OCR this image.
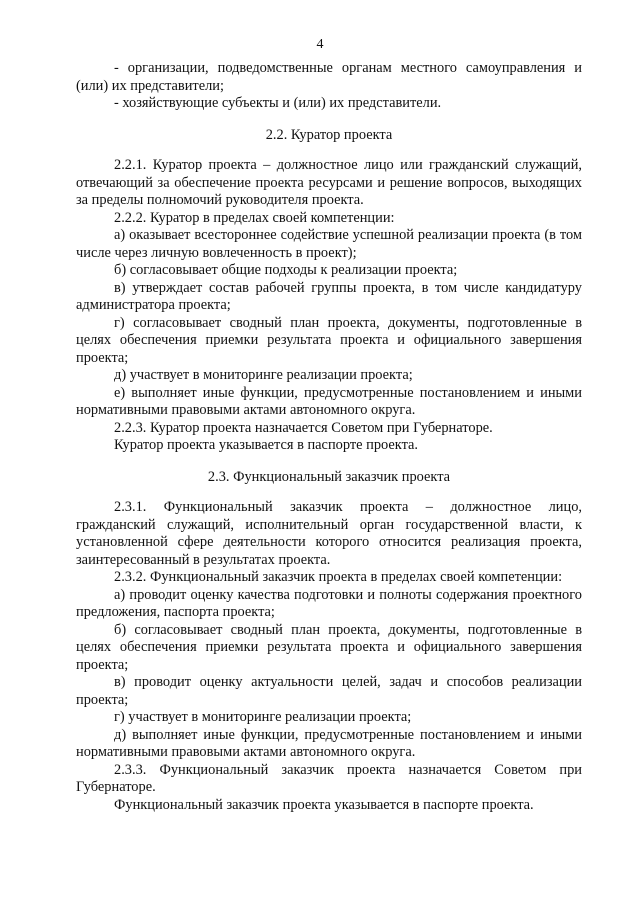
4

- организации, подведомственные органам местного самоуправления и (или) их представители;

- хозяйствующие субъекты и (или) их представители.

2.2. Куратор проекта

2.2.1. Куратор проекта – должностное лицо или гражданский служащий, отвечающий за обеспечение проекта ресурсами и решение вопросов, выходящих за пределы полномочий руководителя проекта.

2.2.2. Куратор в пределах своей компетенции:

а) оказывает всестороннее содействие успешной реализации проекта (в том числе через личную вовлеченность в проект);

б) согласовывает общие подходы к реализации проекта;

в) утверждает состав рабочей группы проекта, в том числе кандидатуру администратора проекта;

г) согласовывает сводный план проекта, документы, подготовленные в целях обеспечения приемки результата проекта и официального завершения проекта;

д) участвует в мониторинге реализации проекта;

е) выполняет иные функции, предусмотренные постановлением и иными нормативными правовыми актами автономного округа.

2.2.3. Куратор проекта назначается Советом при Губернаторе.

Куратор проекта указывается в паспорте проекта.

2.3. Функциональный заказчик проекта

2.3.1. Функциональный заказчик проекта – должностное лицо, гражданский служащий, исполнительный орган государственной власти, к установленной сфере деятельности которого относится реализация проекта, заинтересованный в результатах проекта.

2.3.2. Функциональный заказчик проекта в пределах своей компетенции:

а) проводит оценку качества подготовки и полноты содержания проектного предложения, паспорта проекта;

б) согласовывает сводный план проекта, документы, подготовленные в целях обеспечения приемки результата проекта и официального завершения проекта;

в) проводит оценку актуальности целей, задач и способов реализации проекта;

г) участвует в мониторинге реализации проекта;

д) выполняет иные функции, предусмотренные постановлением и иными нормативными правовыми актами автономного округа.

2.3.3. Функциональный заказчик проекта назначается Советом при Губернаторе.

Функциональный заказчик проекта указывается в паспорте проекта.
